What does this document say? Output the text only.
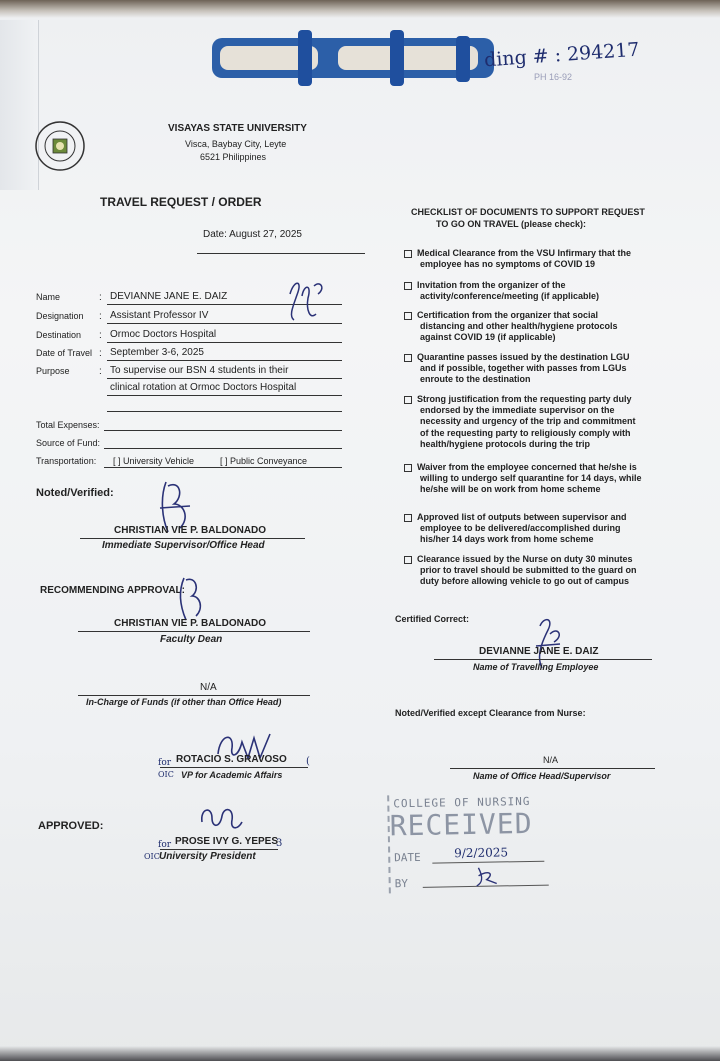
ding # : 294217
PH 16-92
VISAYAS STATE UNIVERSITY
Visca, Baybay City, Leyte
6521 Philippines
TRAVEL REQUEST / ORDER
Date: August 27, 2025
Name	: DEVIANNE JANE E. DAIZ
Designation : Assistant Professor IV
Destination : Ormoc Doctors Hospital
Date of Travel : September 3-6, 2025
Purpose	: To supervise our BSN 4 students in their
clinical rotation at Ormoc Doctors Hospital
Total Expenses:
Source of Fund:
Transportation: [ ] University Vehicle	[ ] Public Conveyance
Noted/Verified:
CHRISTIAN VIE P. BALDONADO
Immediate Supervisor/Office Head
RECOMMENDING APPROVAL:
CHRISTIAN VIE P. BALDONADO
Faculty Dean
N/A
In-Charge of Funds (if other than Office Head)
for ROTACIO S. GRAVOSO (
OIC VP for Academic Affairs
APPROVED:
for PROSE IVY G. YEPES
3
OIC University President
CHECKLIST OF DOCUMENTS TO SUPPORT REQUEST
TO GO ON TRAVEL (please check):
Medical Clearance from the VSU Infirmary that the
employee has no symptoms of COVID 19
Invitation from the organizer of the
activity/conference/meeting (if applicable)
Certification from the organizer that social
distancing and other health/hygiene protocols
against COVID 19 (if applicable)
Quarantine passes issued by the destination LGU
and if possible, together with passes from LGUs
enroute to the destination
Strong justification from the requesting party duly
endorsed by the immediate supervisor on the
necessity and urgency of the trip and commitment
of the requesting party to religiously comply with
health/hygiene protocols during the trip
Waiver from the employee concerned that he/she is
willing to undergo self quarantine for 14 days, while
he/she will be on work from home scheme
Approved list of outputs between supervisor and
employee to be delivered/accomplished during
his/her 14 days work from home scheme
Clearance issued by the Nurse on duty 30 minutes
prior to travel should be submitted to the guard on
duty before allowing vehicle to go out of campus
Certified Correct:
DEVIANNE JANE E. DAIZ
Name of Travelling Employee
Noted/Verified except Clearance from Nurse:
N/A
Name of Office Head/Supervisor
COLLEGE OF NURSING
RECEIVED
DATE	9/2/2025
BY
